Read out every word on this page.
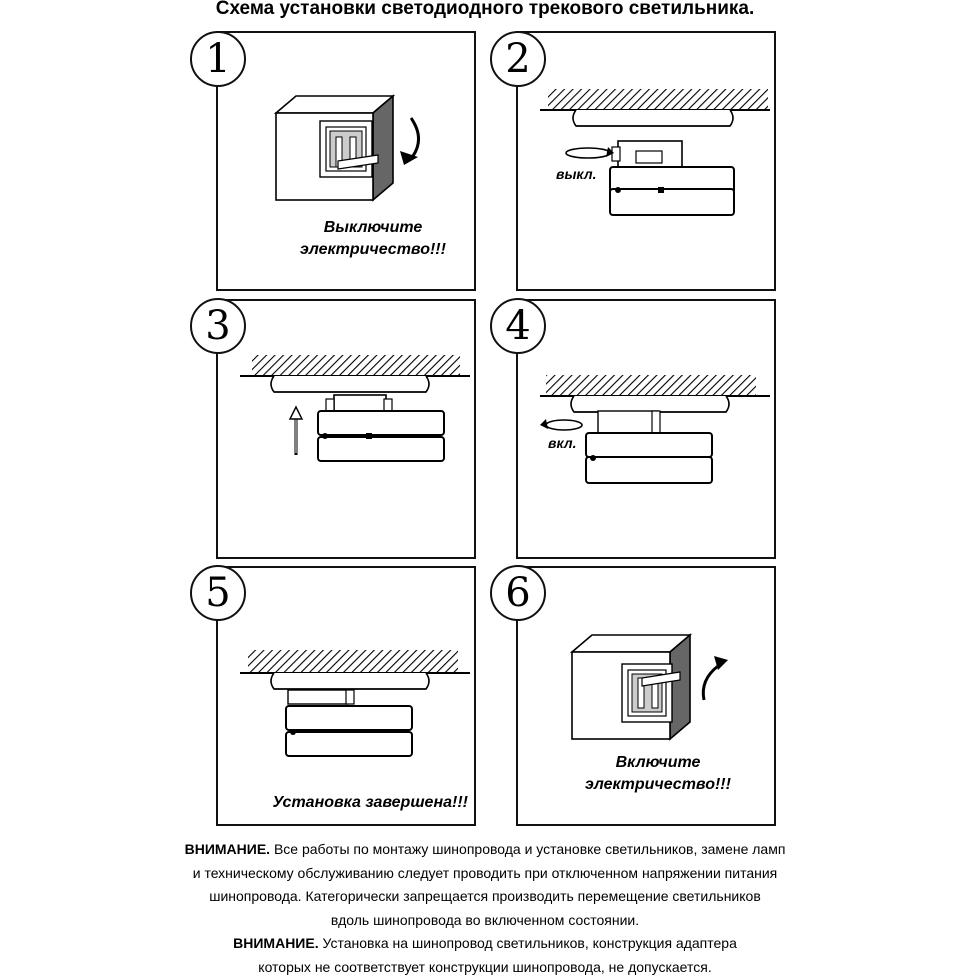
Схема установки светодиодного трекового светильника.
Выключите
электричество!!!
1
выкл.
2
3
вкл.
4
Установка завершена!!!
5
Включите
электричество!!!
6
ВНИМАНИЕ. Все работы по монтажу шинопровода и установке светильников, замене ламп
и техническому обслуживанию следует проводить при отключенном напряжении питания
шинопровода. Категорически запрещается производить перемещение светильников
вдоль шинопровода во включенном состоянии.
ВНИМАНИЕ. Установка на шинопровод светильников, конструкция адаптера
которых не соответствует конструкции шинопровода, не допускается.
